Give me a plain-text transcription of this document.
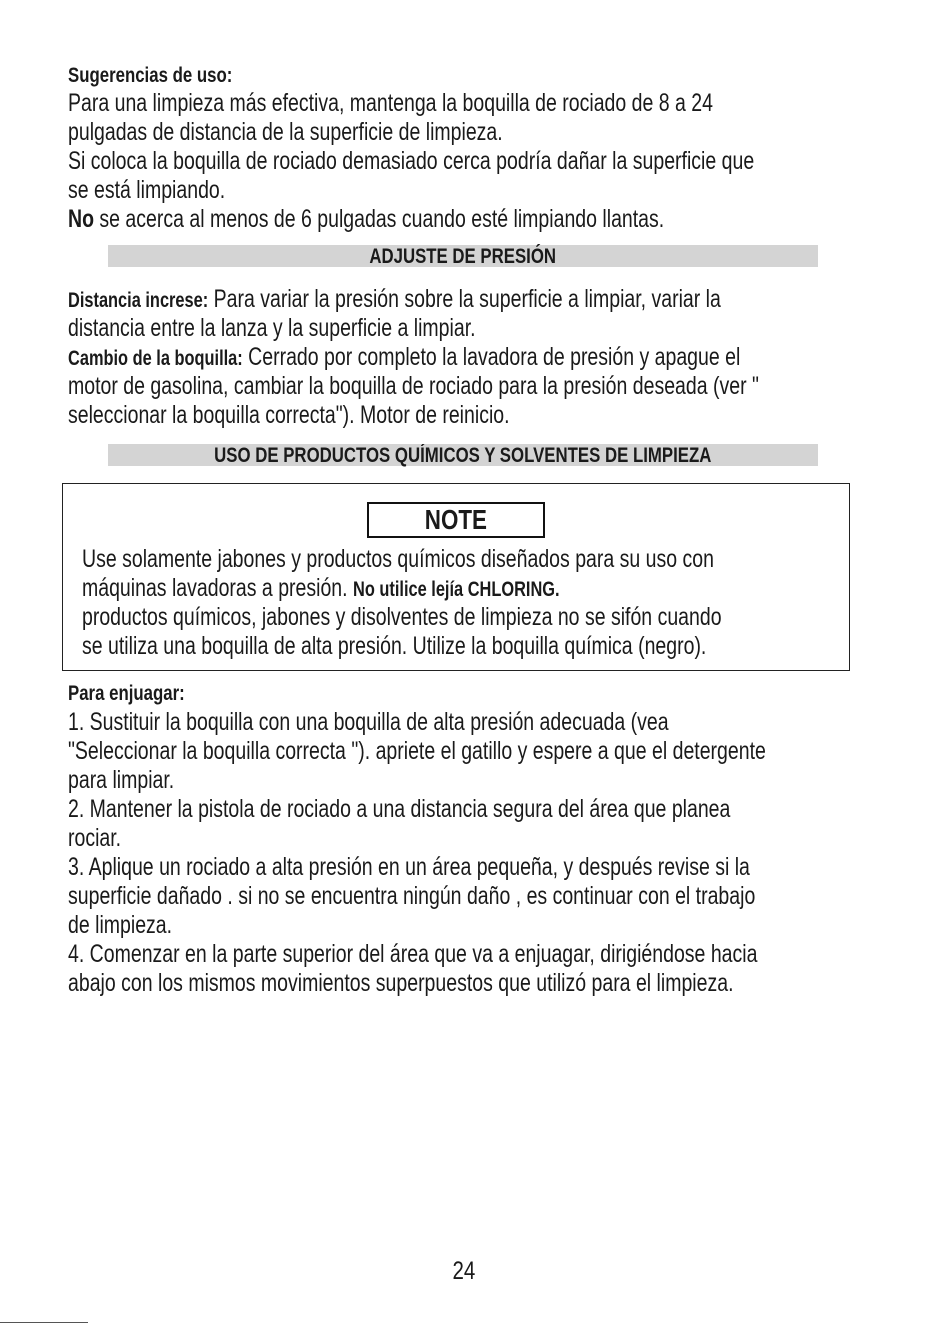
Sugerencias de uso:
Para una limpieza más efectiva, mantenga la boquilla de rociado de 8 a 24
pulgadas de distancia de la superficie de limpieza.
Si coloca la boquilla de rociado demasiado cerca podría dañar la superficie que
se está limpiando.
No se acerca al menos de 6 pulgadas cuando esté limpiando llantas.
ADJUSTE DE PRESIÓN
Distancia increse: Para variar la presión sobre la superficie a limpiar, variar la
distancia entre la lanza y la superficie a limpiar.
Cambio de la boquilla: Cerrado por completo la lavadora de presión y apague el
motor de gasolina, cambiar la boquilla de rociado para la presión deseada (ver "
seleccionar la boquilla correcta"). Motor de reinicio.
USO DE PRODUCTOS QUÍMICOS Y SOLVENTES DE LIMPIEZA
NOTE
Use solamente jabones y productos químicos diseñados para su uso con
máquinas lavadoras a presión. No utilice lejía CHLORING.
productos químicos, jabones y disolventes de limpieza no se sifón cuando
se utiliza una boquilla de alta presión. Utilize la boquilla química (negro).
Para enjuagar:
1. Sustituir la boquilla con una boquilla de alta presión adecuada (vea
"Seleccionar la boquilla correcta "). apriete el gatillo y espere a que el detergente
para limpiar.
2. Mantener la pistola de rociado a una distancia segura del área que planea
rociar.
3. Aplique un rociado a alta presión en un área pequeña, y después revise si la
superficie dañado . si no se encuentra ningún daño , es continuar con el trabajo
de limpieza.
4. Comenzar en la parte superior del área que va a enjuagar, dirigiéndose hacia
abajo con los mismos movimientos superpuestos que utilizó para el limpieza.
24
